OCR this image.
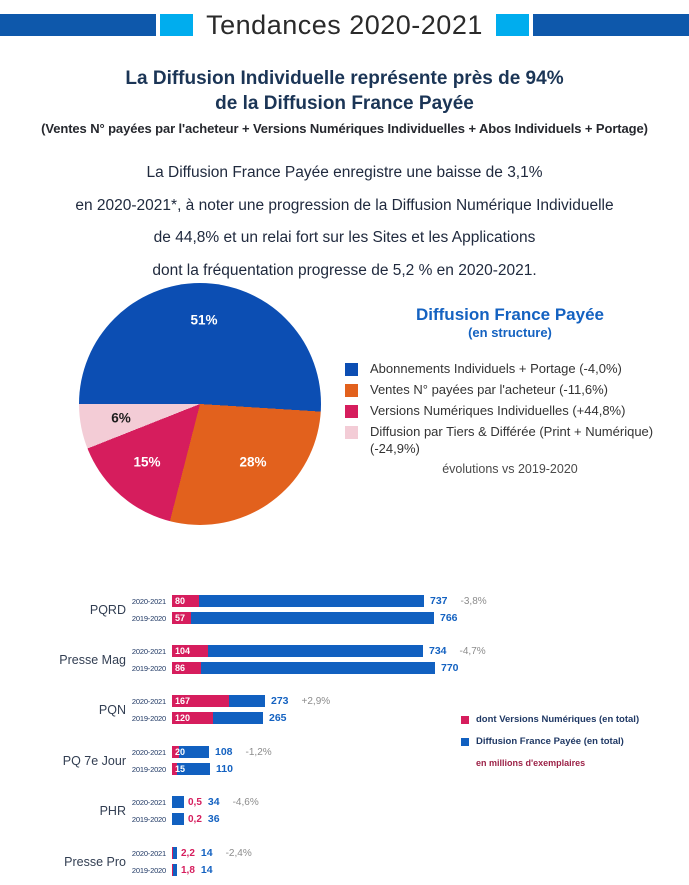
Tendances 2020-2021
La Diffusion Individuelle représente près de 94%
de la Diffusion France Payée
(Ventes N° payées par l'acheteur + Versions Numériques Individuelles + Abos Individuels + Portage)
La Diffusion France Payée enregistre une baisse de 3,1%
en 2020-2021*, à noter une progression de la Diffusion Numérique Individuelle
de 44,8% et un relai fort sur les Sites et les Applications
dont la fréquentation progresse de 5,2 % en 2020-2021.
51%
28%
15%
6%
Diffusion France Payée
(en structure)
Abonnements Individuels + Portage (-4,0%)
Ventes N° payées par l'acheteur (-11,6%)
Versions Numériques Individuelles (+44,8%)
Diffusion par Tiers & Différée (Print + Numérique) (-24,9%)
évolutions vs 2019-2020
PQRD
2020-2021 80	737 -3,8%
2019-2020 57	766
Presse Mag
2020-2021 104	734 -4,7%
2019-2020 86	770
PQN
2020-2021 167	273 +2,9%
2019-2020 120	265
PQ 7e Jour
2020-2021 20	108 -1,2%
2019-2020 15	110
PHR
2020-2021 0,5 34 -4,6%
2019-2020 0,2 36
Presse Pro
2020-2021 2,2 14 -2,4%
2019-2020 1,8 14
dont Versions Numériques (en total)
Diffusion France Payée (en total)
en millions d'exemplaires
